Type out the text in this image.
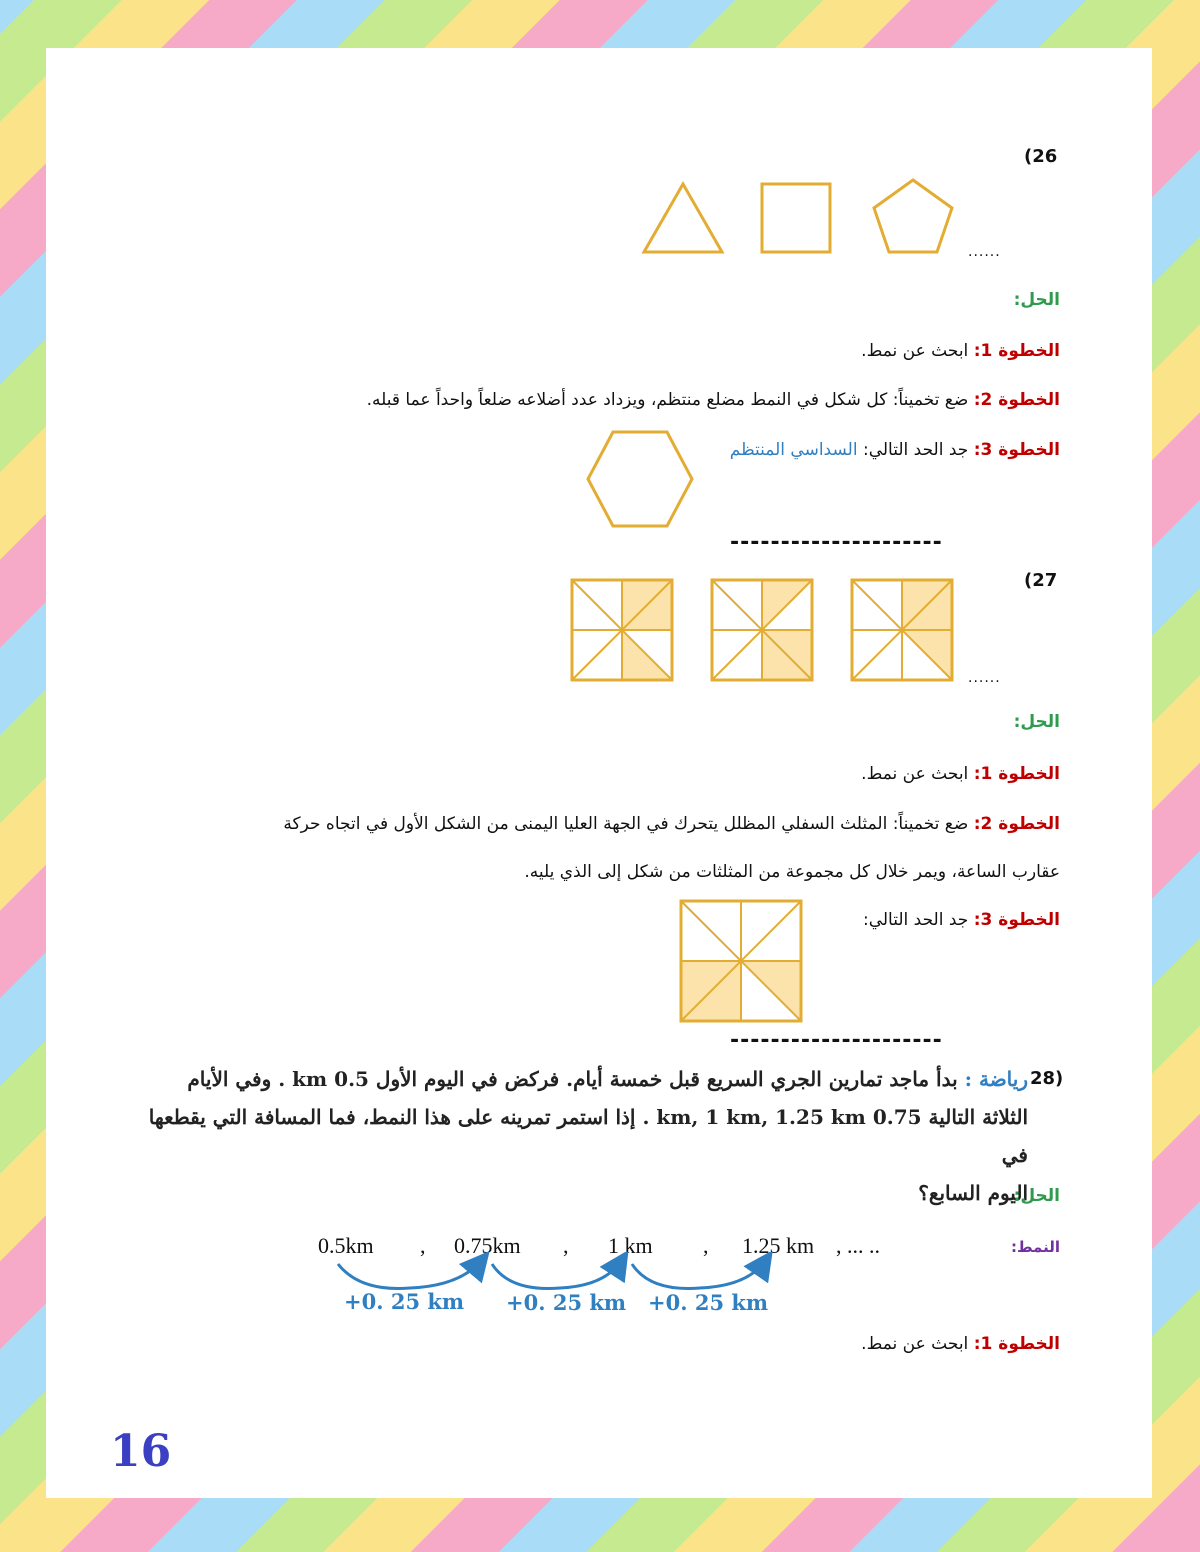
(26
......
الحل:
الخطوة 1: ابحث عن نمط.
الخطوة 2: ضع تخميناً: كل شكل في النمط مضلع منتظم، ويزداد عدد أضلاعه ضلعاً واحداً عما قبله.
الخطوة 3: جد الحد التالي: السداسي المنتظم
---------------------
(27
......
الحل:
الخطوة 1: ابحث عن نمط.
الخطوة 2: ضع تخميناً: المثلث السفلي المظلل يتحرك في الجهة العليا اليمنى من الشكل الأول في اتجاه حركة
عقارب الساعة، ويمر خلال كل مجموعة من المثلثات من شكل إلى الذي يليه.
الخطوة 3: جد الحد التالي:
---------------------
28)
رياضة : بدأ ماجد تمارين الجري السريع قبل خمسة أيام. فركض في اليوم الأول 0.5 km . وفي الأيام
الثلاثة التالية 0.75 km, 1 km, 1.25 km . إذا استمر تمرينه على هذا النمط، فما المسافة التي يقطعها في
اليوم السابع؟
الحل:
النمط:
0.5km , 0.75km , 1 km , 1.25 km , ... ..
+0. 25 km +0. 25 km +0. 25 km
الخطوة 1: ابحث عن نمط.
16
